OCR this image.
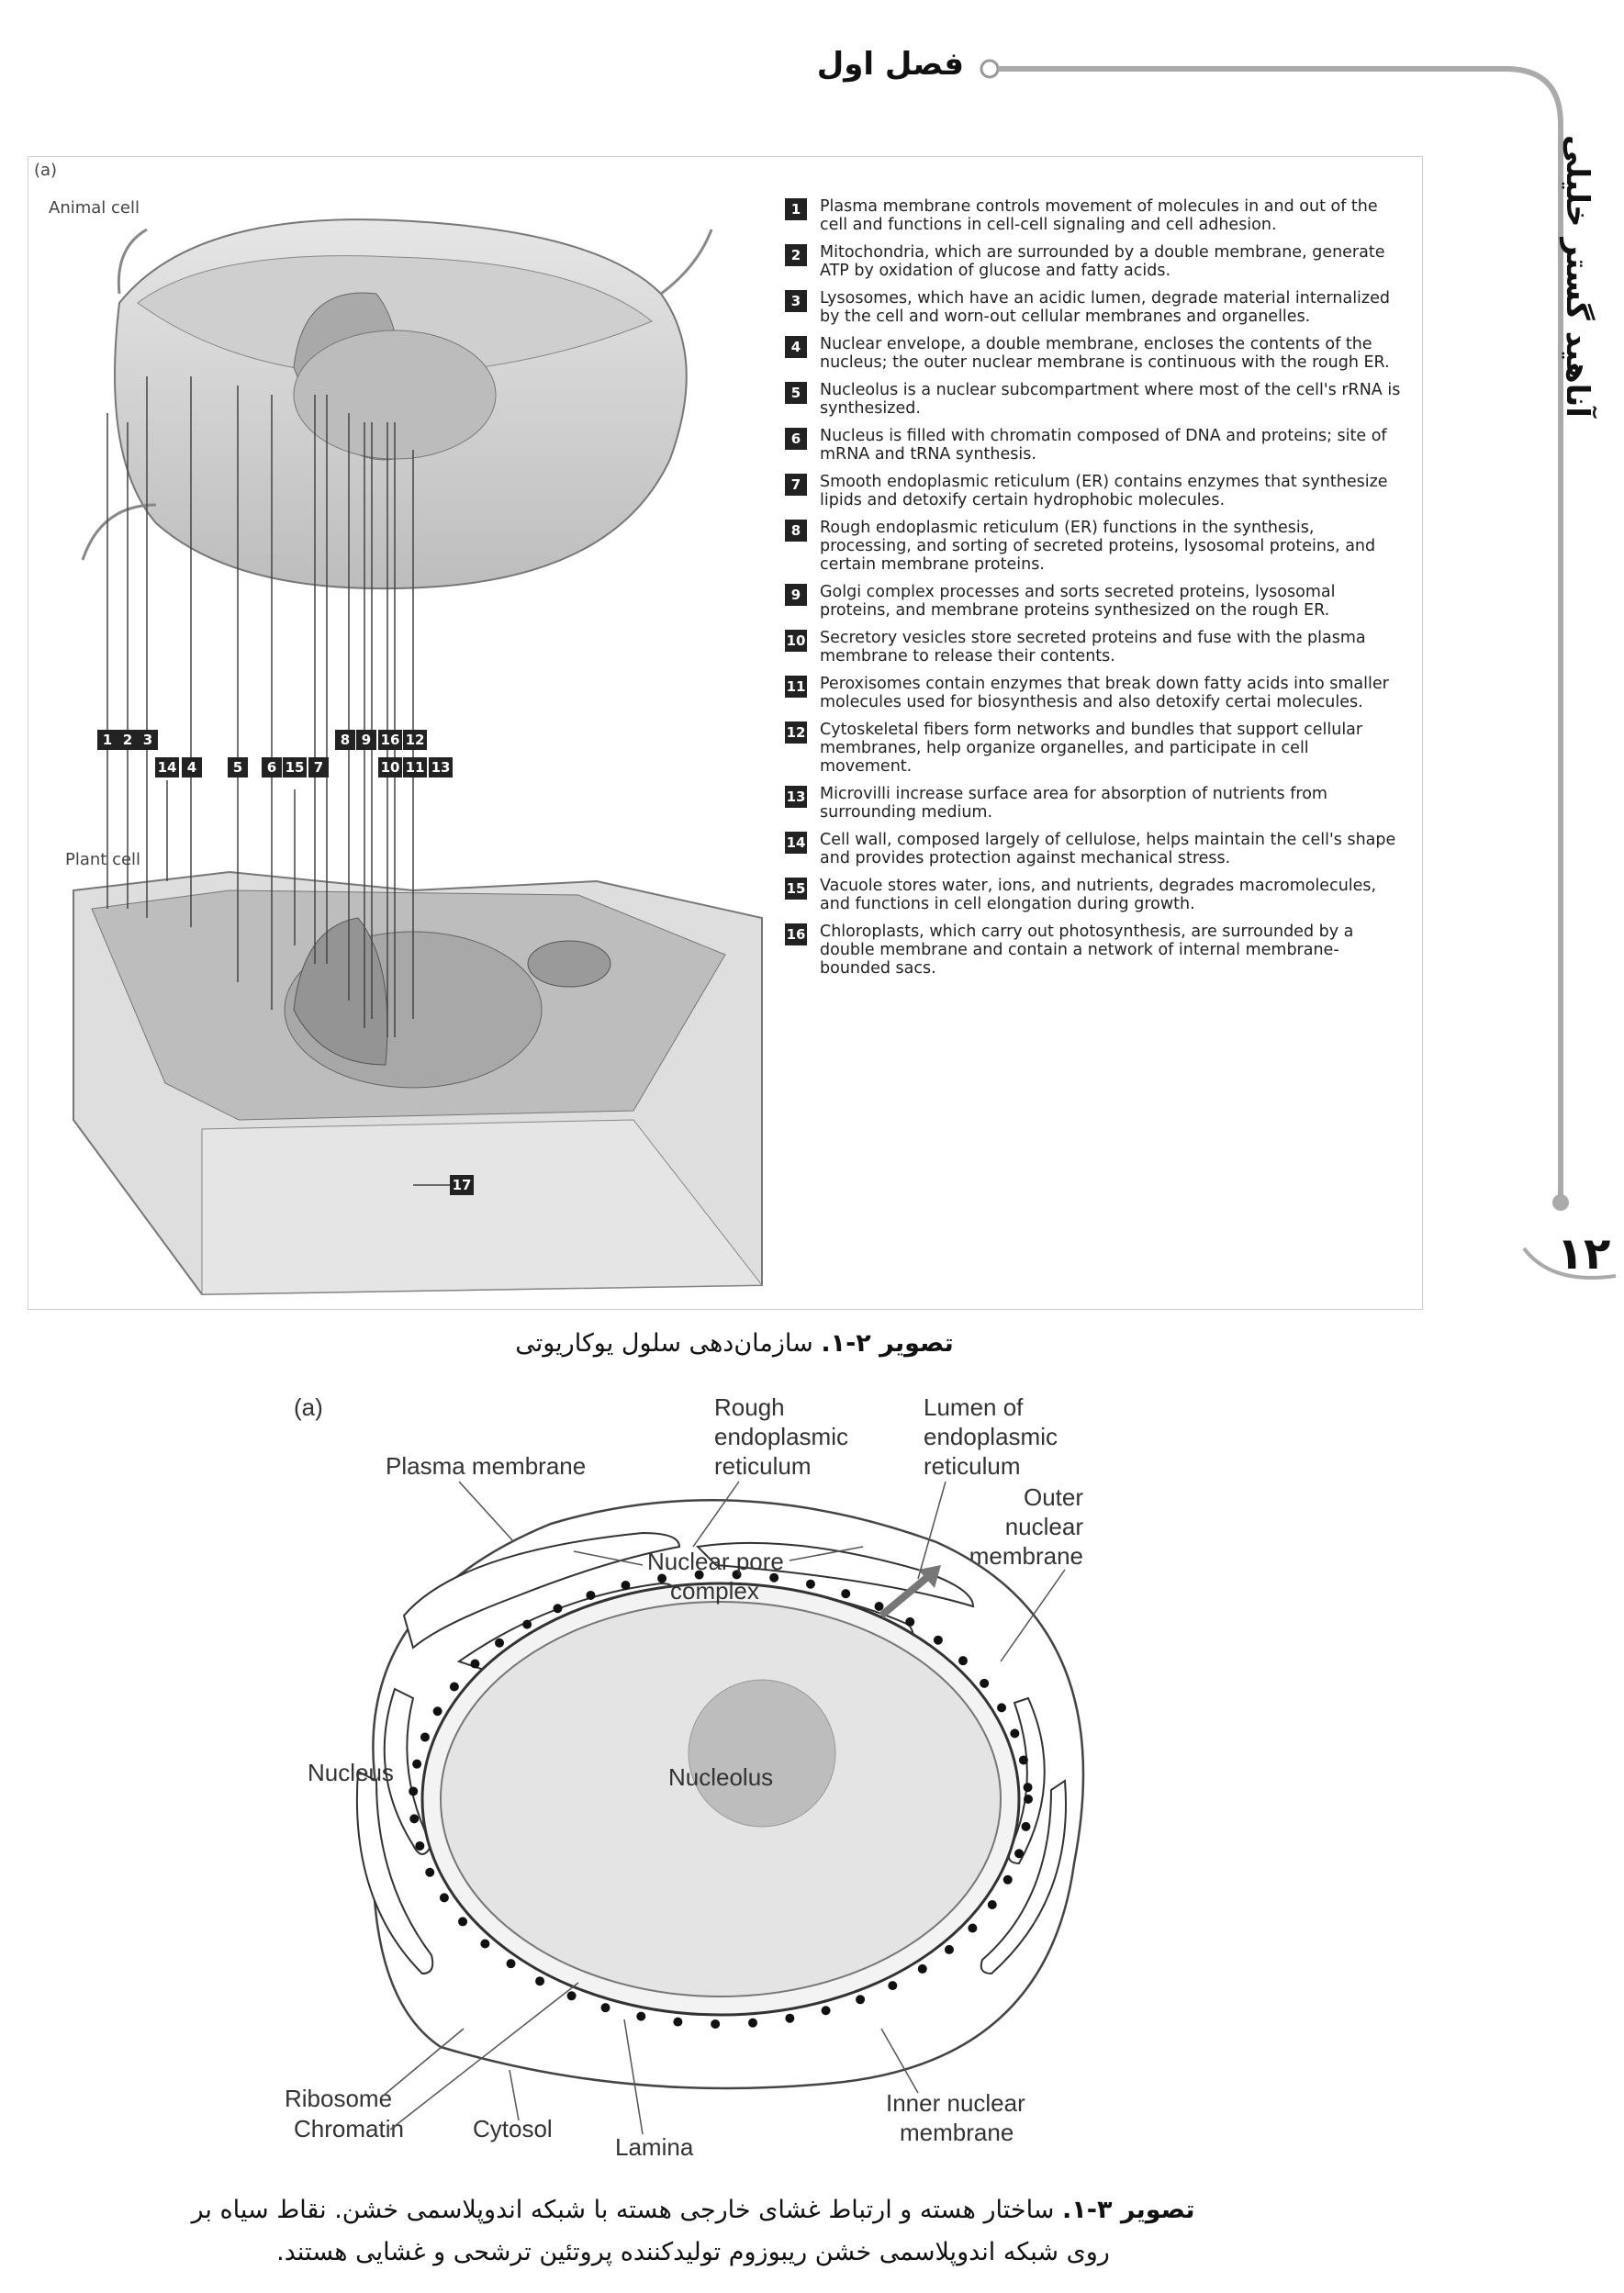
فصل اول
آناهید گستر خلیلی
۱۲
(a)
Animal cell
Plant cell
1 2 3
14 4	5 6 15 7
8 9 16
10
12
11 13
17
1	Plasma membrane controls movement of molecules in and out of the cell and functions in cell-cell signaling and cell adhesion.
2	Mitochondria, which are surrounded by a double membrane, generate ATP by oxidation of glucose and fatty acids.
3	Lysosomes, which have an acidic lumen, degrade material internalized by the cell and worn-out cellular membranes and organelles.
4	Nuclear envelope, a double membrane, encloses the contents of the nucleus; the outer nuclear membrane is continuous with the rough ER.
5	Nucleolus is a nuclear subcompartment where most of the cell's rRNA is synthesized.
6	Nucleus is filled with chromatin composed of DNA and proteins; site of mRNA and tRNA synthesis.
7	Smooth endoplasmic reticulum (ER) contains enzymes that synthesize lipids and detoxify certain hydrophobic molecules.
8	Rough endoplasmic reticulum (ER) functions in the synthesis, processing, and sorting of secreted proteins, lysosomal proteins, and certain membrane proteins.
9	Golgi complex processes and sorts secreted proteins, lysosomal proteins, and membrane proteins synthesized on the rough ER.
10 Secretory vesicles store secreted proteins and fuse with the plasma membrane to release their contents.
11 Peroxisomes contain enzymes that break down fatty acids into smaller molecules used for biosynthesis and also detoxify certai molecules.
12 Cytoskeletal fibers form networks and bundles that support cellular membranes, help organize organelles, and participate in cell movement.
13 Microvilli increase surface area for absorption of nutrients from surrounding medium.
14 Cell wall, composed largely of cellulose, helps maintain the cell's shape and provides protection against mechanical stress.
15 Vacuole stores water, ions, and nutrients, degrades macromolecules, and functions in cell elongation during growth.
16 Chloroplasts, which carry out photosynthesis, are surrounded by a double membrane and contain a network of internal membrane-bounded sacs.
تصویر ۲-۱. سازمان‌دهی سلول یوکاریوتی
(a)	Rough
endoplasmic
reticulum
Lumen of
endoplasmic
reticulum
Plasma membrane
Outer
nuclear
membrane
Nuclear pore
complex
Nucleus	Nucleolus
Ribosome
Chromatin	Cytosol
Lamina
Inner nuclear
membrane
تصویر ۳-۱. ساختار هسته و ارتباط غشای خارجی هسته با شبکه اندوپلاسمی خشن. نقاط سیاه بر
روی شبکه اندوپلاسمی خشن ریبوزوم تولیدکننده پروتئین ترشحی و غشایی هستند.
